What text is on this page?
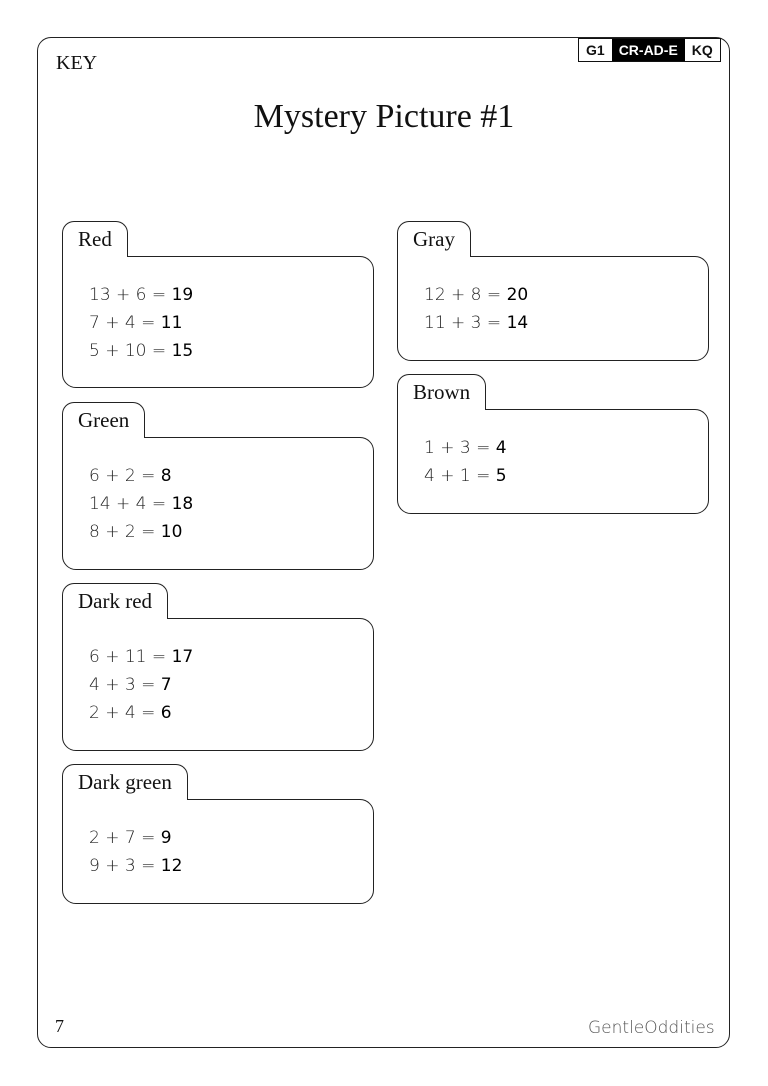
KEY
G1	CR-AD-E	KQ
Mystery Picture #1
Red
13 + 6 = 19
7 + 4 = 11
5 + 10 = 15
Green
6 + 2 = 8
14 + 4 = 18
8 + 2 = 10
Dark red
6 + 11 = 17
4 + 3 = 7
2 + 4 = 6
Dark green
2 + 7 = 9
9 + 3 = 12
Gray
12 + 8 = 20
11 + 3 = 14
Brown
1 + 3 = 4
4 + 1 = 5
7	GentleOddities
